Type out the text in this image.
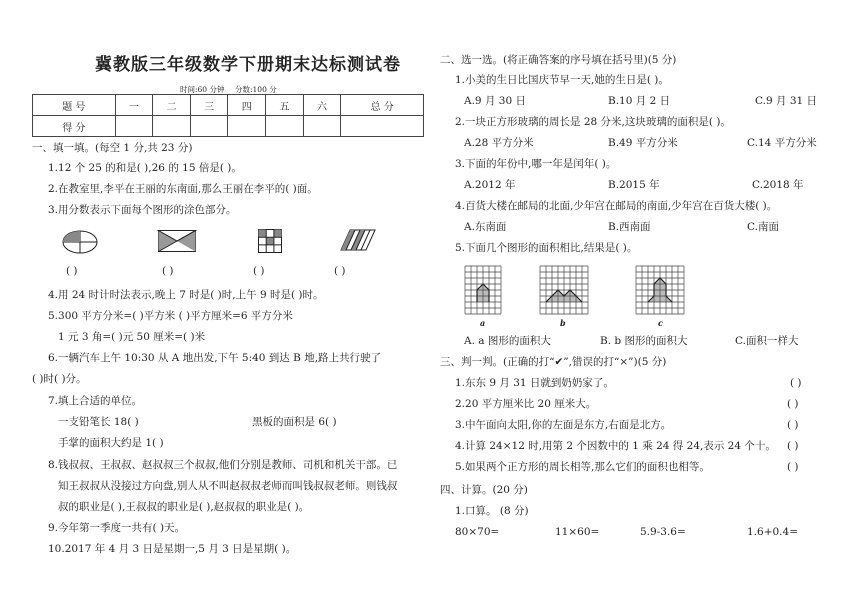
冀教版三年级数学下册期末达标测试卷
时间:60 分钟 分数:100 分
题 号	一	二	三	四	五	六	总 分
得 分							
一、填一填。(每空 1 分,共 23 分)
1.12 个 25 的和是( ),26 的 15 倍是( )。
2.在教室里,李平在王丽的东南面,那么王丽在李平的( )面。
3.用分数表示下面每个图形的涂色部分。
( )	( )	( )	( )
4.用 24 时计时法表示,晚上 7 时是( )时,上午 9 时是( )时。
5.300 平方分米=( )平方米 ( )平方厘米=6 平方分米
1 元 3 角=( )元 50 厘米=( )米
6.一辆汽车上午 10:30 从 A 地出发,下午 5:40 到达 B 地,路上共行驶了
( )时( )分。
7.填上合适的单位。
一支铅笔长 18( )	黑板的面积是 6( )
手掌的面积大约是 1( )
8.钱叔叔、王叔叔、赵叔叔三个叔叔,他们分别是教师、司机和机关干部。已
知王叔叔从没接过方向盘,别人从不叫赵叔叔老师而叫钱叔叔老师。则钱叔
叔的职业是( ),王叔叔的职业是( ),赵叔叔的职业是( )。
9.今年第一季度一共有( )天。
10.2017 年 4 月 3 日是星期一,5 月 3 日是星期( )。
二、选一选。(将正确答案的序号填在括号里)(5 分)
1.小美的生日比国庆节早一天,她的生日是( )。
A.9 月 30 日	B.10 月 2 日	C.9 月 31 日
2.一块正方形玻璃的周长是 28 分米,这块玻璃的面积是( )。
A.28 平方分米	B.49 平方分米	C.14 平方分米
3.下面的年份中,哪一年是闰年( )。
A.2012 年	B.2015 年	C.2018 年
4.百货大楼在邮局的北面,少年宫在邮局的南面,少年宫在百货大楼( )。
A.东南面	B.西南面	C.南面
5.下面几个图形的面积相比,结果是( )。
a	b	c
A. a 图形的面积大	B. b 图形的面积大	C.面积一样大
三、判一判。(正确的打“✔”,错误的打“×”)(5 分)
1.东东 9 月 31 日就到奶奶家了。	( )
2.20 平方厘米比 20 厘米大。	( )
3.中午面向太阳,你的左面是东方,右面是北方。	( )
4.计算 24×12 时,用第 2 个因数中的 1 乘 24 得 24,表示 24 个十。 ( )
5.如果两个正方形的周长相等,那么它们的面积也相等。	( )
四、计算。(20 分)
1.口算。 (8 分)
80×70=	11×60=	5.9-3.6=	1.6+0.4=
